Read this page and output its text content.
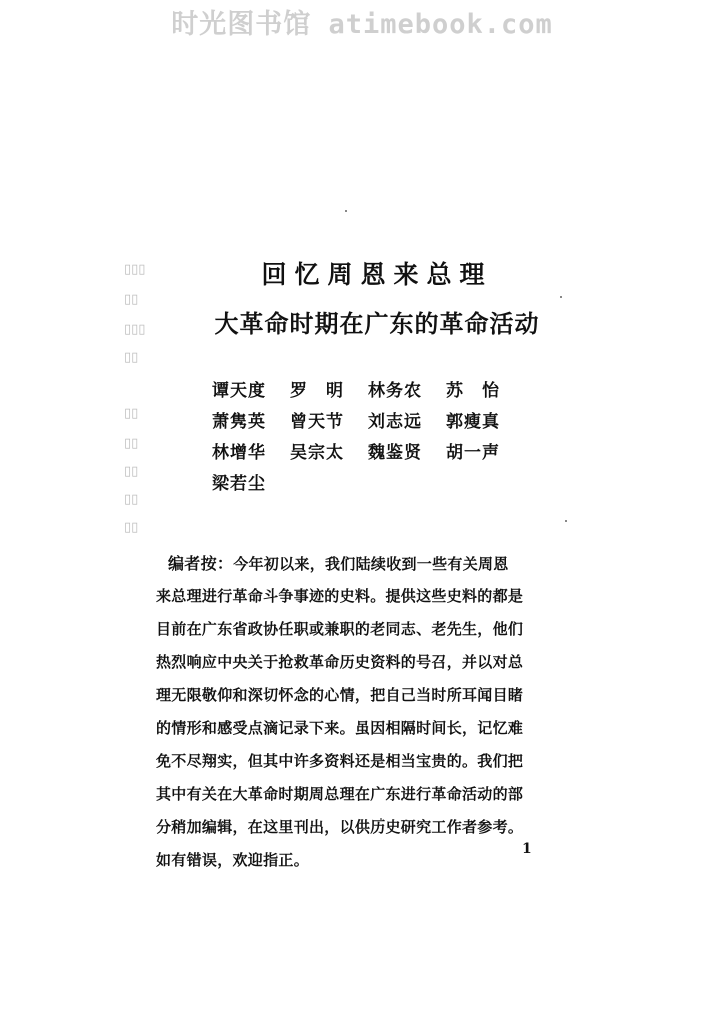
时光图书馆 atimebook.com
▯▯▯
▯▯
▯▯▯
▯▯
▯▯
▯▯
▯▯
▯▯
▯▯
回忆周恩来总理
大革命时期在广东的革命活动
谭天度	罗　明	林务农	苏　怡
萧隽英	曾天节	刘志远	郭瘦真
林增华	吴宗太	魏鉴贤	胡一声
梁若尘
编者按：今年初以来，我们陆续收到一些有关周恩
来总理进行革命斗争事迹的史料。提供这些史料的都是
目前在广东省政协任职或兼职的老同志、老先生，他们
热烈响应中央关于抢救革命历史资料的号召，并以对总
理无限敬仰和深切怀念的心情，把自己当时所耳闻目睹
的情形和感受点滴记录下来。虽因相隔时间长，记忆难
免不尽翔实，但其中许多资料还是相当宝贵的。我们把
其中有关在大革命时期周总理在广东进行革命活动的部
分稍加编辑，在这里刊出，以供历史研究工作者参考。
如有错误，欢迎指正。
1
